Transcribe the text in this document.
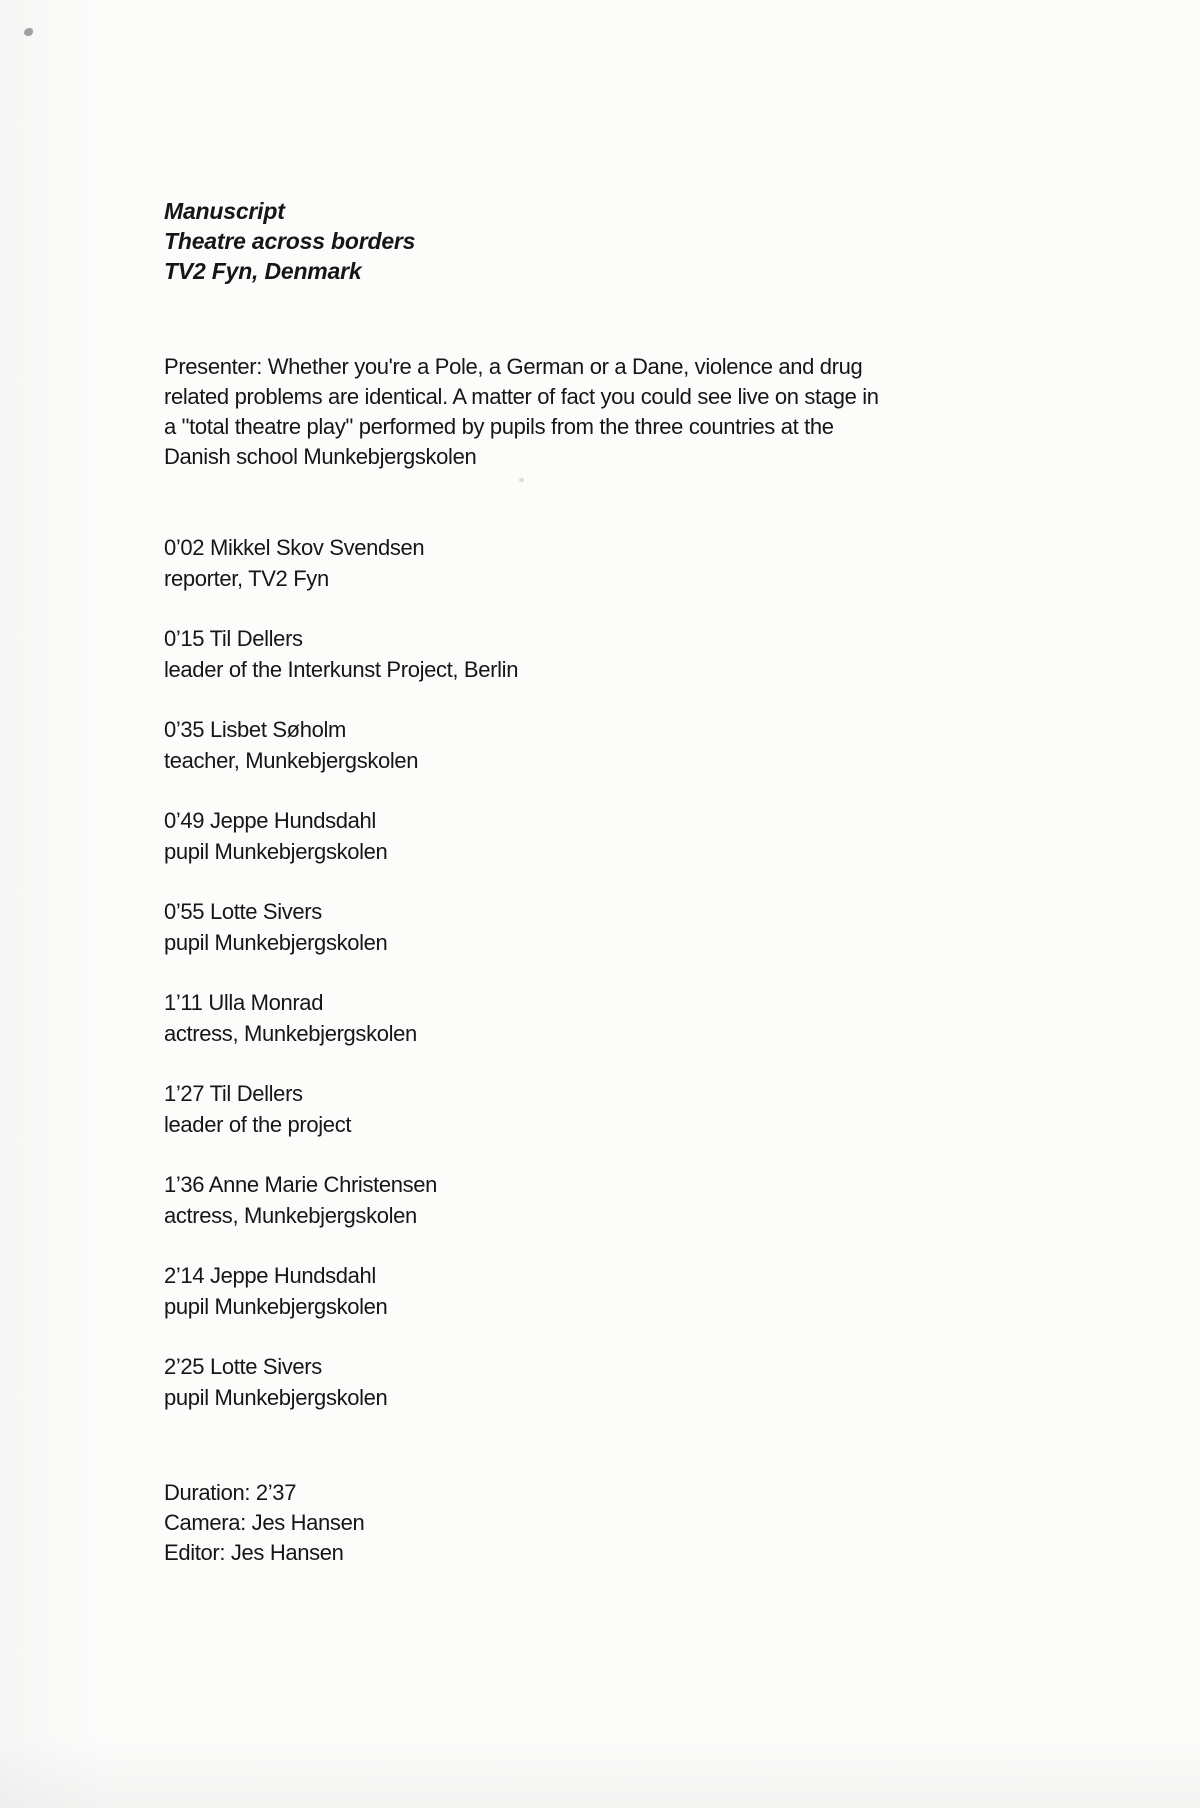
Manuscript
Theatre across borders
TV2 Fyn, Denmark
Presenter: Whether you're a Pole, a German or a Dane, violence and drug
related problems are identical. A matter of fact you could see live on stage in
a "total theatre play" performed by pupils from the three countries at the
Danish school Munkebjergskolen
0’02 Mikkel Skov Svendsen
reporter, TV2 Fyn
0’15 Til Dellers
leader of the Interkunst Project, Berlin
0’35 Lisbet Søholm
teacher, Munkebjergskolen
0’49 Jeppe Hundsdahl
pupil Munkebjergskolen
0’55 Lotte Sivers
pupil Munkebjergskolen
1’11 Ulla Monrad
actress, Munkebjergskolen
1’27 Til Dellers
leader of the project
1’36 Anne Marie Christensen
actress, Munkebjergskolen
2’14 Jeppe Hundsdahl
pupil Munkebjergskolen
2’25 Lotte Sivers
pupil Munkebjergskolen
Duration: 2’37
Camera: Jes Hansen
Editor: Jes Hansen
